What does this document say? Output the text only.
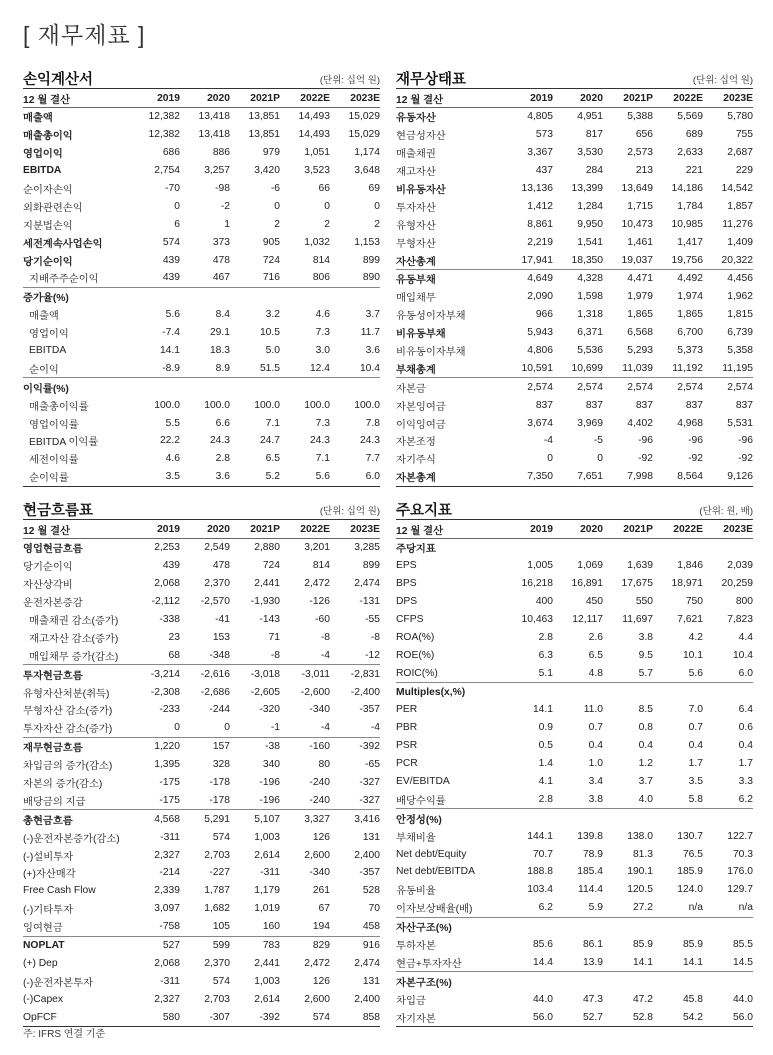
[ 재무제표 ]
손익계산서	(단위: 십억 원)
12 월 결산	2019	2020	2021P	2022E	2023E
매출액	12,382	13,418	13,851	14,493	15,029
매출총이익	12,382	13,418	13,851	14,493	15,029
영업이익	686	886	979	1,051	1,174
EBITDA	2,754	3,257	3,420	3,523	3,648
순이자손익	-70	-98	-6	66	69
외화관련손익	0	-2	0	0	0
지분법손익	6	1	2	2	2
세전계속사업손익	574	373	905	1,032	1,153
당기순이익	439	478	724	814	899
지배주주순이익	439	467	716	806	890
증가율(%)					
매출액	5.6	8.4	3.2	4.6	3.7
영업이익	-7.4	29.1	10.5	7.3	11.7
EBITDA	14.1	18.3	5.0	3.0	3.6
순이익	-8.9	8.9	51.5	12.4	10.4
이익률(%)					
매출총이익률	100.0	100.0	100.0	100.0	100.0
영업이익률	5.5	6.6	7.1	7.3	7.8
EBITDA 이익률	22.2	24.3	24.7	24.3	24.3
세전이익률	4.6	2.8	6.5	7.1	7.7
순이익률	3.5	3.6	5.2	5.6	6.0
재무상태표	(단위: 십억 원)
12 월 결산	2019	2020	2021P	2022E	2023E
유동자산	4,805	4,951	5,388	5,569	5,780
현금성자산	573	817	656	689	755
매출채권	3,367	3,530	2,573	2,633	2,687
재고자산	437	284	213	221	229
비유동자산	13,136	13,399	13,649	14,186	14,542
투자자산	1,412	1,284	1,715	1,784	1,857
유형자산	8,861	9,950	10,473	10,985	11,276
무형자산	2,219	1,541	1,461	1,417	1,409
자산총계	17,941	18,350	19,037	19,756	20,322
유동부채	4,649	4,328	4,471	4,492	4,456
매입채무	2,090	1,598	1,979	1,974	1,962
유동성이자부채	966	1,318	1,865	1,865	1,815
비유동부채	5,943	6,371	6,568	6,700	6,739
비유동이자부채	4,806	5,536	5,293	5,373	5,358
부채총계	10,591	10,699	11,039	11,192	11,195
자본금	2,574	2,574	2,574	2,574	2,574
자본잉여금	837	837	837	837	837
이익잉여금	3,674	3,969	4,402	4,968	5,531
자본조정	-4	-5	-96	-96	-96
자기주식	0	0	-92	-92	-92
자본총계	7,350	7,651	7,998	8,564	9,126
현금흐름표	(단위: 십억 원)
12 월 결산	2019	2020	2021P	2022E	2023E
영업현금흐름	2,253	2,549	2,880	3,201	3,285
당기순이익	439	478	724	814	899
자산상각비	2,068	2,370	2,441	2,472	2,474
운전자본증감	-2,112	-2,570	-1,930	-126	-131
매출채권 감소(증가)	-338	-41	-143	-60	-55
재고자산 감소(증가)	23	153	71	-8	-8
매입채무 증가(감소)	68	-348	-8	-4	-12
투자현금흐름	-3,214	-2,616	-3,018	-3,011	-2,831
유형자산처분(취득)	-2,308	-2,686	-2,605	-2,600	-2,400
무형자산 감소(증가)	-233	-244	-320	-340	-357
투자자산 감소(증가)	0	0	-1	-4	-4
재무현금흐름	1,220	157	-38	-160	-392
차입금의 증가(감소)	1,395	328	340	80	-65
자본의 증가(감소)	-175	-178	-196	-240	-327
배당금의 지급	-175	-178	-196	-240	-327
총현금흐름	4,568	5,291	5,107	3,327	3,416
(-)운전자본증가(감소)	-311	574	1,003	126	131
(-)설비투자	2,327	2,703	2,614	2,600	2,400
(+)자산매각	-214	-227	-311	-340	-357
Free Cash Flow	2,339	1,787	1,179	261	528
(-)기타투자	3,097	1,682	1,019	67	70
잉여현금	-758	105	160	194	458
NOPLAT	527	599	783	829	916
(+) Dep	2,068	2,370	2,441	2,472	2,474
(-)운전자본투자	-311	574	1,003	126	131
(-)Capex	2,327	2,703	2,614	2,600	2,400
OpFCF	580	-307	-392	574	858
주요지표	(단위: 원, 배)
12 월 결산	2019	2020	2021P	2022E	2023E
주당지표					
EPS	1,005	1,069	1,639	1,846	2,039
BPS	16,218	16,891	17,675	18,971	20,259
DPS	400	450	550	750	800
CFPS	10,463	12,117	11,697	7,621	7,823
ROA(%)	2.8	2.6	3.8	4.2	4.4
ROE(%)	6.3	6.5	9.5	10.1	10.4
ROIC(%)	5.1	4.8	5.7	5.6	6.0
Multiples(x,%)					
PER	14.1	11.0	8.5	7.0	6.4
PBR	0.9	0.7	0.8	0.7	0.6
PSR	0.5	0.4	0.4	0.4	0.4
PCR	1.4	1.0	1.2	1.7	1.7
EV/EBITDA	4.1	3.4	3.7	3.5	3.3
배당수익률	2.8	3.8	4.0	5.8	6.2
안정성(%)					
부채비율	144.1	139.8	138.0	130.7	122.7
Net debt/Equity	70.7	78.9	81.3	76.5	70.3
Net debt/EBITDA	188.8	185.4	190.1	185.9	176.0
유동비율	103.4	114.4	120.5	124.0	129.7
이자보상배율(배)	6.2	5.9	27.2	n/a	n/a
자산구조(%)					
투하자본	85.6	86.1	85.9	85.9	85.5
현금+투자자산	14.4	13.9	14.1	14.1	14.5
자본구조(%)					
차입금	44.0	47.3	47.2	45.8	44.0
자기자본	56.0	52.7	52.8	54.2	56.0
주: IFRS 연결 기준
